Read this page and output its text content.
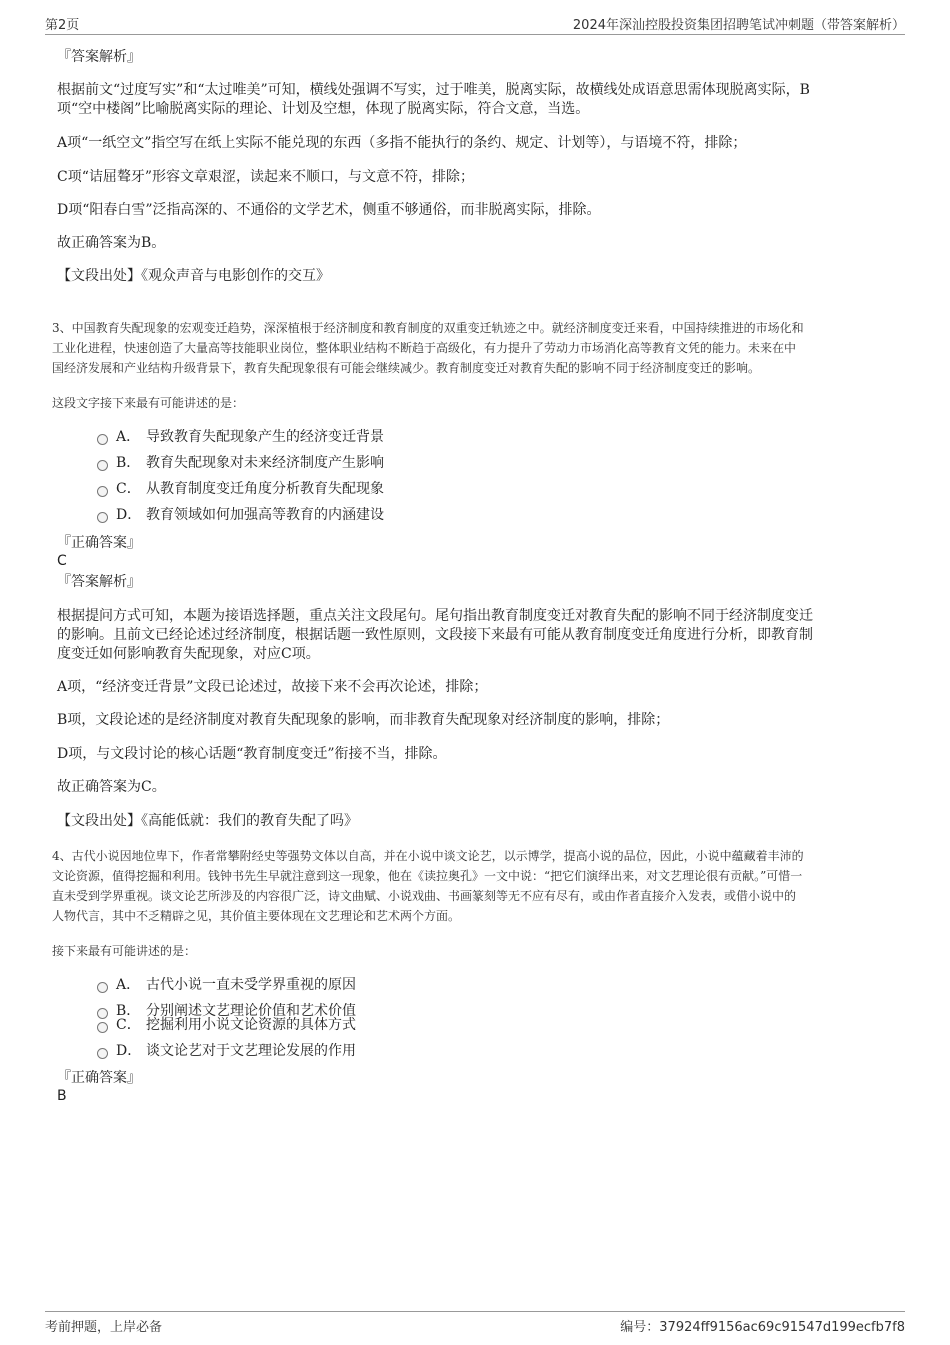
第2页	2024年深汕控股投资集团招聘笔试冲刺题（带答案解析）
『答案解析』
根据前文“过度写实”和“太过唯美”可知，横线处强调不写实，过于唯美，脱离实际，故横线处成语意思需体现脱离实际，B
项“空中楼阁”比喻脱离实际的理论、计划及空想，体现了脱离实际，符合文意，当选。
A项“一纸空文”指空写在纸上实际不能兑现的东西（多指不能执行的条约、规定、计划等），与语境不符，排除；
C项“诘屈聱牙”形容文章艰涩，读起来不顺口，与文意不符，排除；
D项“阳春白雪”泛指高深的、不通俗的文学艺术，侧重不够通俗，而非脱离实际，排除。
故正确答案为B。
【文段出处】《观众声音与电影创作的交互》
3、中国教育失配现象的宏观变迁趋势，深深植根于经济制度和教育制度的双重变迁轨迹之中。就经济制度变迁来看，中国持续推进的市场化和
工业化进程，快速创造了大量高等技能职业岗位，整体职业结构不断趋于高级化，有力提升了劳动力市场消化高等教育文凭的能力。未来在中
国经济发展和产业结构升级背景下，教育失配现象很有可能会继续减少。教育制度变迁对教育失配的影响不同于经济制度变迁的影响。
这段文字接下来最有可能讲述的是：
A． 导致教育失配现象产生的经济变迁背景
B． 教育失配现象对未来经济制度产生影响
C． 从教育制度变迁角度分析教育失配现象
D． 教育领域如何加强高等教育的内涵建设
『正确答案』
C
『答案解析』
根据提问方式可知，本题为接语选择题，重点关注文段尾句。尾句指出教育制度变迁对教育失配的影响不同于经济制度变迁
的影响。且前文已经论述过经济制度，根据话题一致性原则，文段接下来最有可能从教育制度变迁角度进行分析，即教育制
度变迁如何影响教育失配现象，对应C项。
A项，“经济变迁背景”文段已论述过，故接下来不会再次论述，排除；
B项，文段论述的是经济制度对教育失配现象的影响，而非教育失配现象对经济制度的影响，排除；
D项，与文段讨论的核心话题“教育制度变迁”衔接不当，排除。
故正确答案为C。
【文段出处】《高能低就：我们的教育失配了吗》
4、古代小说因地位卑下，作者常攀附经史等强势文体以自高，并在小说中谈文论艺，以示博学，提高小说的品位，因此，小说中蕴藏着丰沛的
文论资源，值得挖掘和利用。钱钟书先生早就注意到这一现象，他在《读拉奥孔》一文中说：“把它们演绎出来，对文艺理论很有贡献。”可惜一
直未受到学界重视。谈文论艺所涉及的内容很广泛，诗文曲赋、小说戏曲、书画篆刻等无不应有尽有，或由作者直接介入发表，或借小说中的
人物代言，其中不乏精辟之见，其价值主要体现在文艺理论和艺术两个方面。
接下来最有可能讲述的是：
A． 古代小说一直未受学界重视的原因
B． 分别阐述文艺理论价值和艺术价值
C． 挖掘利用小说文论资源的具体方式
D． 谈文论艺对于文艺理论发展的作用
『正确答案』
B
考前押题，上岸必备	编号：37924ff9156ac69c91547d199ecfb7f8
